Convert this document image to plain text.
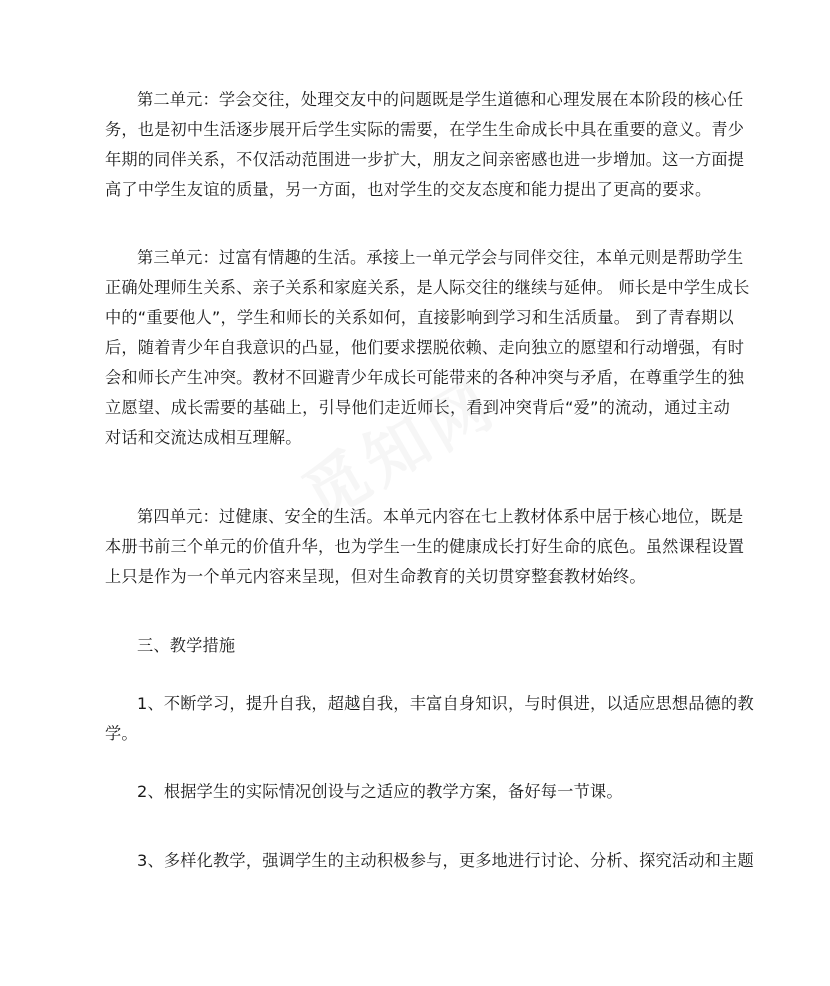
第二单元：学会交往，处理交友中的问题既是学生道德和心理发展在本阶段的核心任
务，也是初中生活逐步展开后学生实际的需要，在学生生命成长中具在重要的意义。青少
年期的同伴关系，不仅活动范围进一步扩大，朋友之间亲密感也进一步增加。这一方面提
高了中学生友谊的质量，另一方面，也对学生的交友态度和能力提出了更高的要求。
第三单元：过富有情趣的生活。承接上一单元学会与同伴交往，本单元则是帮助学生
正确处理师生关系、亲子关系和家庭关系，是人际交往的继续与延伸。 师长是中学生成长
中的“重要他人”，学生和师长的关系如何，直接影响到学习和生活质量。 到了青春期以
后，随着青少年自我意识的凸显，他们要求摆脱依赖、走向独立的愿望和行动增强，有时
会和师长产生冲突。教材不回避青少年成长可能带来的各种冲突与矛盾，在尊重学生的独
立愿望、成长需要的基础上，引导他们走近师长，看到冲突背后“爱”的流动，通过主动
对话和交流达成相互理解。
第四单元：过健康、安全的生活。本单元内容在七上教材体系中居于核心地位，既是
本册书前三个单元的价值升华，也为学生一生的健康成长打好生命的底色。虽然课程设置
上只是作为一个单元内容来呈现，但对生命教育的关切贯穿整套教材始终。
三、教学措施
1、不断学习，提升自我，超越自我，丰富自身知识，与时俱进，以适应思想品德的教
学。
2、根据学生的实际情况创设与之适应的教学方案，备好每一节课。
3、多样化教学，强调学生的主动积极参与，更多地进行讨论、分析、探究活动和主题
